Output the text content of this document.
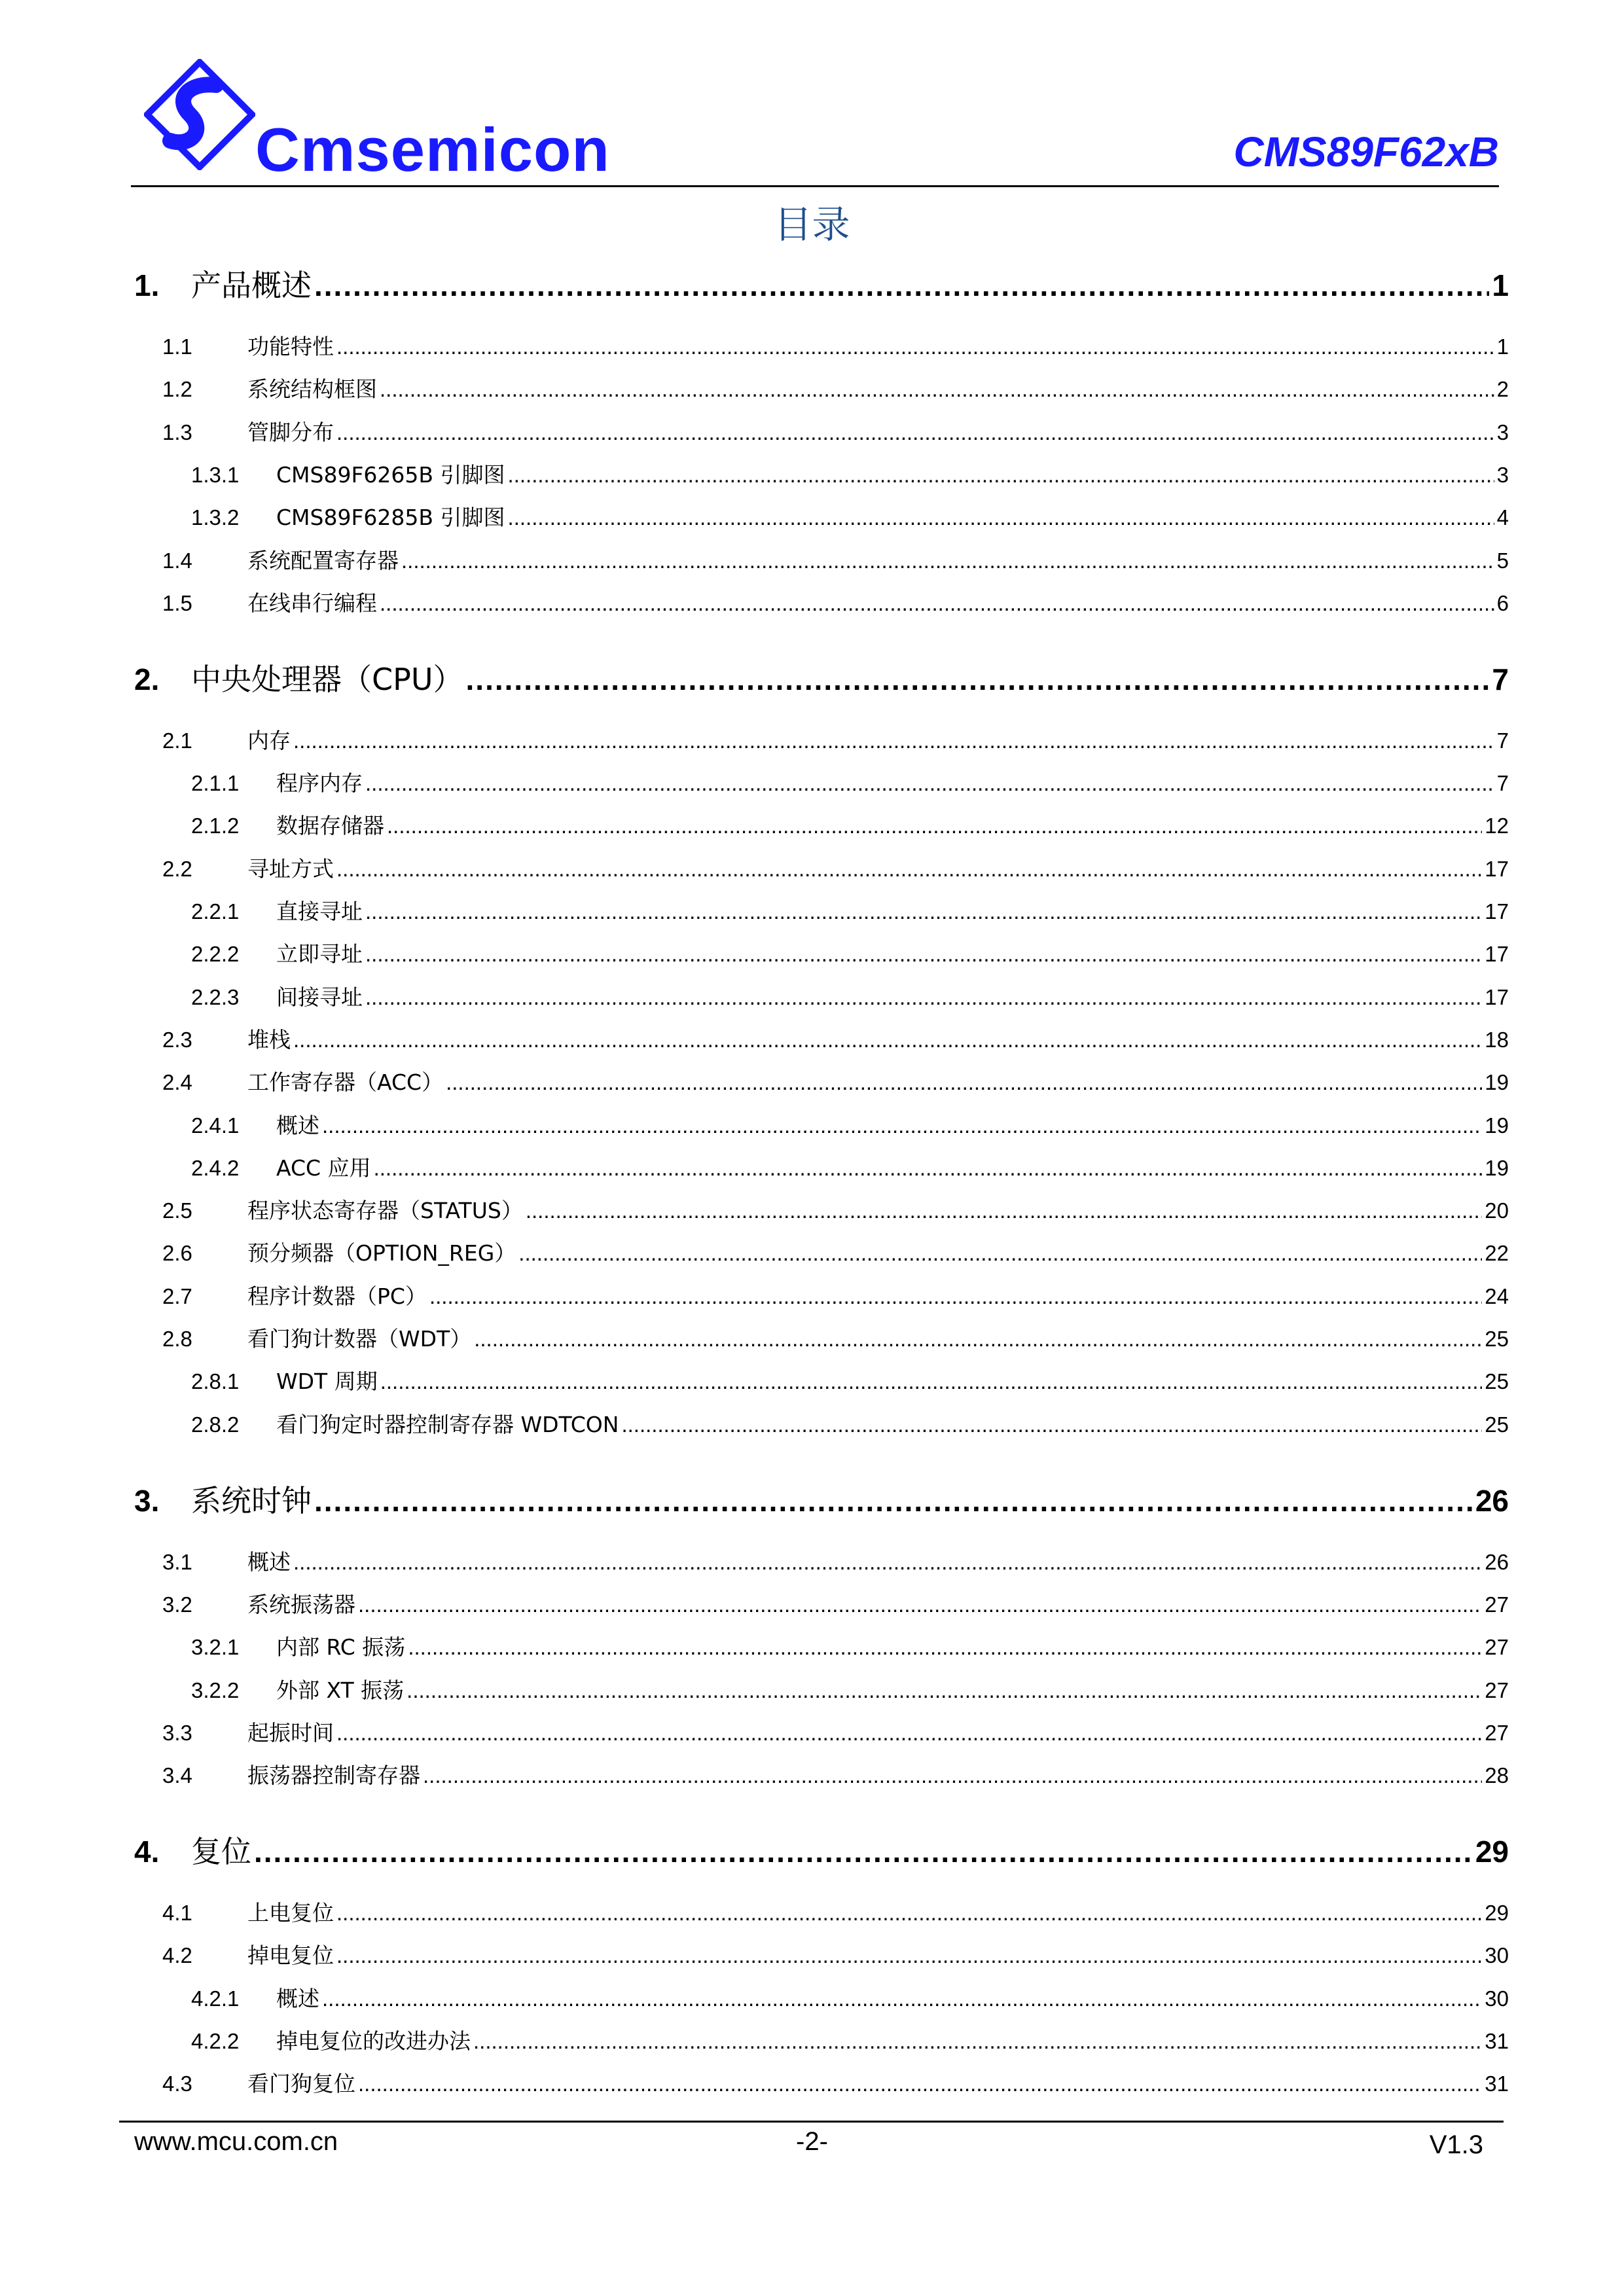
Cmsemicon	CMS89F62xB
目录
1.	产品概述 .....	1
1.1	功能特性 .....	1
1.2	系统结构框图 .....	2
1.3	管脚分布 .....	3
1.3.1	CMS89F6265B 引脚图 .....	3
1.3.2	CMS89F6285B 引脚图 .....	4
1.4	系统配置寄存器 .....	5
1.5	在线串行编程 .....	6
2.	中央处理器（CPU） .....	7
2.1	内存 .....	7
2.1.1	程序内存 .....	7
2.1.2	数据存储器 .....	12
2.2	寻址方式 .....	17
2.2.1	直接寻址 .....	17
2.2.2	立即寻址 .....	17
2.2.3	间接寻址 .....	17
2.3	堆栈 .....	18
2.4	工作寄存器（ACC） .....	19
2.4.1	概述 .....	19
2.4.2	ACC 应用 .....	19
2.5	程序状态寄存器（STATUS） .....	20
2.6	预分频器（OPTION_REG） .....	22
2.7	程序计数器（PC） .....	24
2.8	看门狗计数器（WDT） .....	25
2.8.1	WDT 周期 .....	25
2.8.2	看门狗定时器控制寄存器 WDTCON .....	25
3.	系统时钟 .....	26
3.1	概述 .....	26
3.2	系统振荡器 .....	27
3.2.1	内部 RC 振荡 .....	27
3.2.2	外部 XT 振荡 .....	27
3.3	起振时间 .....	27
3.4	振荡器控制寄存器 .....	28
4.	复位 .....	29
4.1	上电复位 .....	29
4.2	掉电复位 .....	30
4.2.1	概述 .....	30
4.2.2	掉电复位的改进办法 .....	31
4.3	看门狗复位 .....	31
www.mcu.com.cn	-2-	V1.3
